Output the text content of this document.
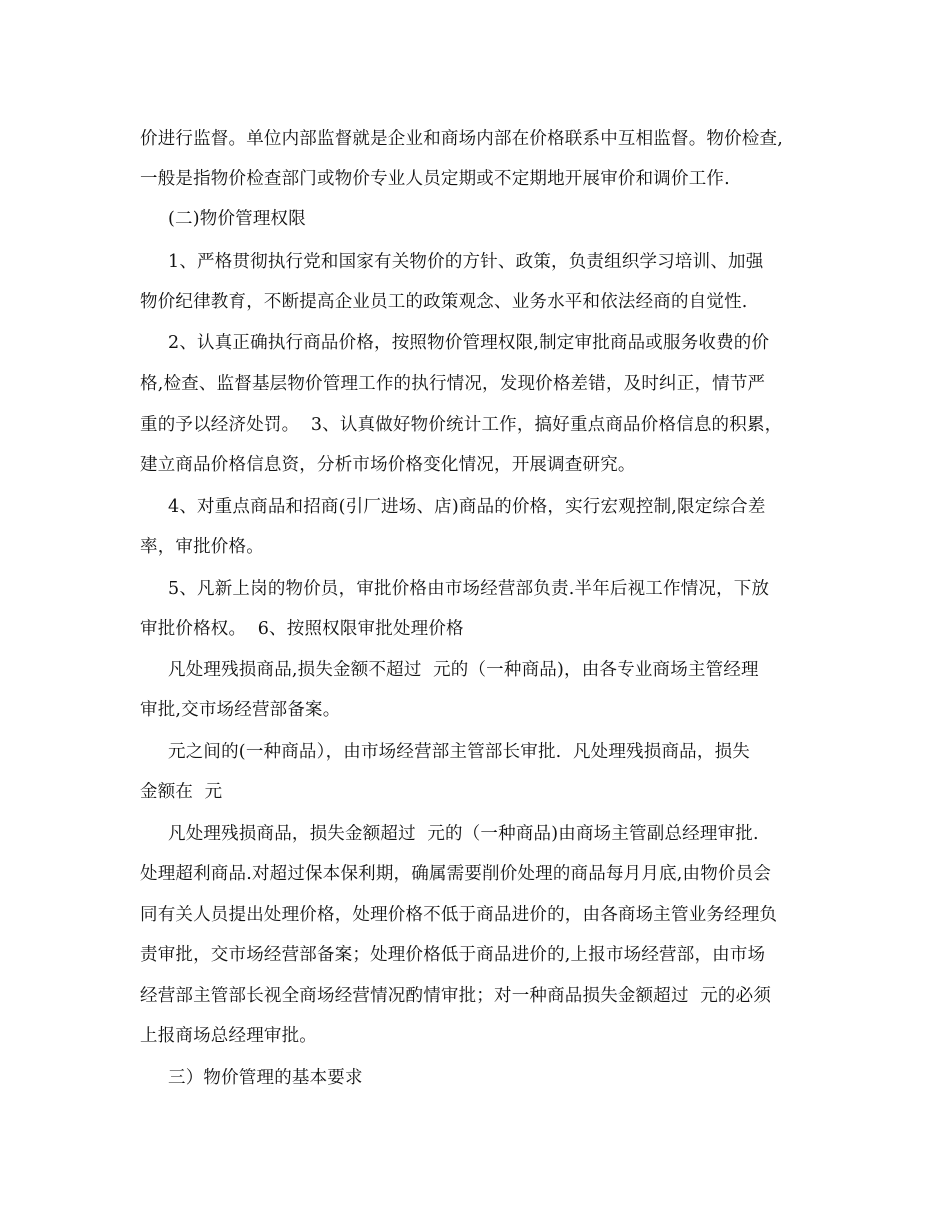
价进行监督。单位内部监督就是企业和商场内部在价格联系中互相监督。物价检查,
一般是指物价检查部门或物价专业人员定期或不定期地开展审价和调价工作.
(二)物价管理权限
1、严格贯彻执行党和国家有关物价的方针、政策，负责组织学习培训、加强
物价纪律教育，不断提高企业员工的政策观念、业务水平和依法经商的自觉性.
2、认真正确执行商品价格，按照物价管理权限,制定审批商品或服务收费的价
格,检查、监督基层物价管理工作的执行情况，发现价格差错，及时纠正，情节严
重的予以经济处罚。  3、认真做好物价统计工作，搞好重点商品价格信息的积累，
建立商品价格信息资，分析市场价格变化情况，开展调查研究。
4、对重点商品和招商(引厂进场、店)商品的价格，实行宏观控制,限定综合差
率，审批价格。
5、凡新上岗的物价员，审批价格由市场经营部负责.半年后视工作情况，下放
审批价格权。  6、按照权限审批处理价格
凡处理残损商品,损失金额不超过  元的（一种商品)，由各专业商场主管经理
审批,交市场经营部备案。
元之间的(一种商品），由市场经营部主管部长审批.  凡处理残损商品，损失
金额在  元
凡处理残损商品，损失金额超过  元的（一种商品)由商场主管副总经理审批.
处理超利商品.对超过保本保利期，确属需要削价处理的商品每月月底,由物价员会
同有关人员提出处理价格，处理价格不低于商品进价的，由各商场主管业务经理负
责审批，交市场经营部备案；处理价格低于商品进价的,上报市场经营部，由市场
经营部主管部长视全商场经营情况酌情审批；对一种商品损失金额超过  元的必须
上报商场总经理审批。
三）物价管理的基本要求
